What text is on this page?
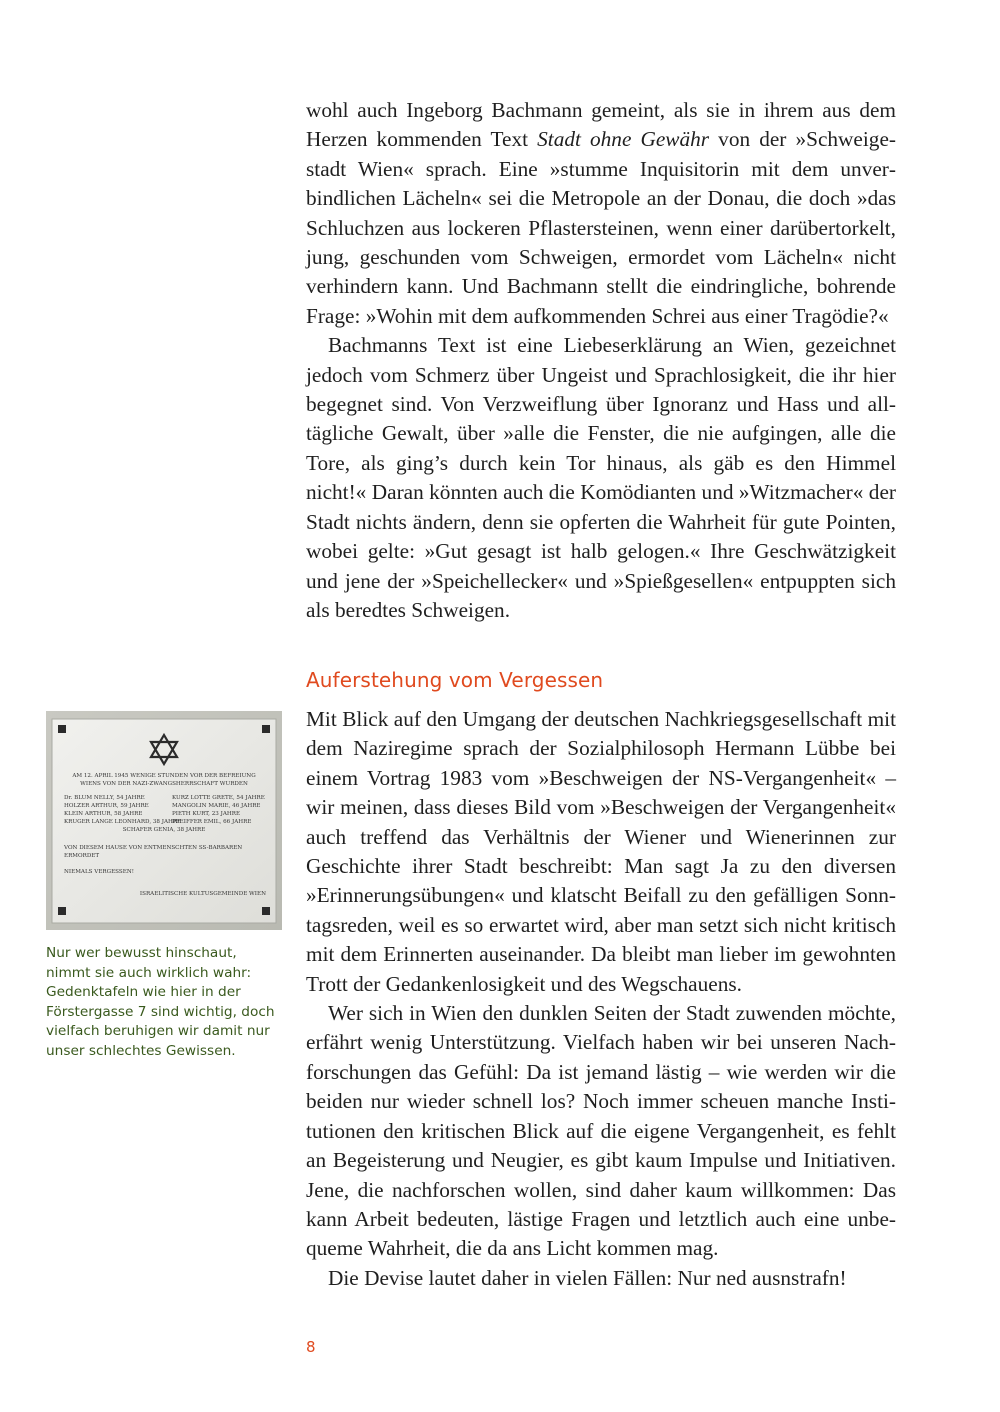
wohl auch Ingeborg Bachmann gemeint, als sie in ihrem aus dem Herzen kommenden Text Stadt ohne Gewähr von der »Schweigestadt Wien« sprach. Eine »stumme Inquisitorin mit dem unverbindlichen Lächeln« sei die Metropole an der Donau, die doch »das Schluchzen aus lockeren Pflastersteinen, wenn einer darübertorkelt, jung, geschunden vom Schweigen, ermordet vom Lächeln« nicht verhindern kann. Und Bachmann stellt die eindringliche, bohrende Frage: »Wohin mit dem aufkommenden Schrei aus einer Tragödie?«

Bachmanns Text ist eine Liebeserklärung an Wien, gezeichnet jedoch vom Schmerz über Ungeist und Sprachlosigkeit, die ihr hier begegnet sind. Von Verzweiflung über Ignoranz und Hass und alltägliche Gewalt, über »alle die Fenster, die nie aufgingen, alle die Tore, als ging’s durch kein Tor hinaus, als gäb es den Himmel nicht!« Daran könnten auch die Komödianten und »Witzmacher« der Stadt nichts ändern, denn sie opferten die Wahrheit für gute Pointen, wobei gelte: »Gut gesagt ist halb gelogen.« Ihre Geschwätzigkeit und jene der »Speichellecker« und »Spießgesellen« entpuppten sich als beredtes Schweigen.

Auferstehung vom Vergessen

Mit Blick auf den Umgang der deutschen Nachkriegsgesellschaft mit dem Naziregime sprach der Sozialphilosoph Hermann Lübbe bei einem Vortrag 1983 vom »Beschweigen der NS-Vergangenheit« – wir meinen, dass dieses Bild vom »Beschweigen der Vergangenheit« auch treffend das Verhältnis der Wiener und Wienerinnen zur Geschichte ihrer Stadt beschreibt: Man sagt Ja zu den diversen »Erinnerungsübungen« und klatscht Beifall zu den gefälligen Sonntagsreden, weil es so erwartet wird, aber man setzt sich nicht kritisch mit dem Erinnerten auseinander. Da bleibt man lieber im gewohnten Trott der Gedankenlosigkeit und des Wegschauens.

Wer sich in Wien den dunklen Seiten der Stadt zuwenden möchte, erfährt wenig Unterstützung. Vielfach haben wir bei unseren Nachforschungen das Gefühl: Da ist jemand lästig – wie werden wir die beiden nur wieder schnell los? Noch immer scheuen manche Institutionen den kritischen Blick auf die eigene Vergangenheit, es fehlt an Begeisterung und Neugier, es gibt kaum Impulse und Initiativen. Jene, die nachforschen wollen, sind daher kaum willkommen: Das kann Arbeit bedeuten, lästige Fragen und letztlich auch eine unbequeme Wahrheit, die da ans Licht kommen mag.

Die Devise lautet daher in vielen Fällen: Nur ned ausnstrafn!

AM 12. APRIL 1945 WENIGE STUNDEN VOR DER BEFREIUNG
WIENS VON DER NAZI-ZWANGSHERRSCHAFT WURDEN
Dr. BLUM NELLY, 54 JAHRE
HOLZER ARTHUR, 59 JAHRE
KLEIN ARTHUR, 58 JAHRE
KRUGER LANGE LEONHARD, 38 JAHRE
KURZ LOTTE GRETE, 54 JAHRE
MANGOLIN MARIE, 46 JAHRE
PIETH KURT, 23 JAHRE
PFEIFFER EMIL, 66 JAHRE
SCHAFER GENIA, 38 JAHRE
VON DIESEM HAUSE VON ENTMENSCHTEN SS-BARBAREN
ERMORDET
NIEMALS VERGESSEN!
ISRAELITISCHE KULTUSGEMEINDE WIEN

Nur wer bewusst hinschaut, nimmt sie auch wirklich wahr: Gedenktafeln wie hier in der Förstergasse 7 sind wichtig, doch vielfach beruhigen wir damit nur unser schlechtes Gewissen.

8
